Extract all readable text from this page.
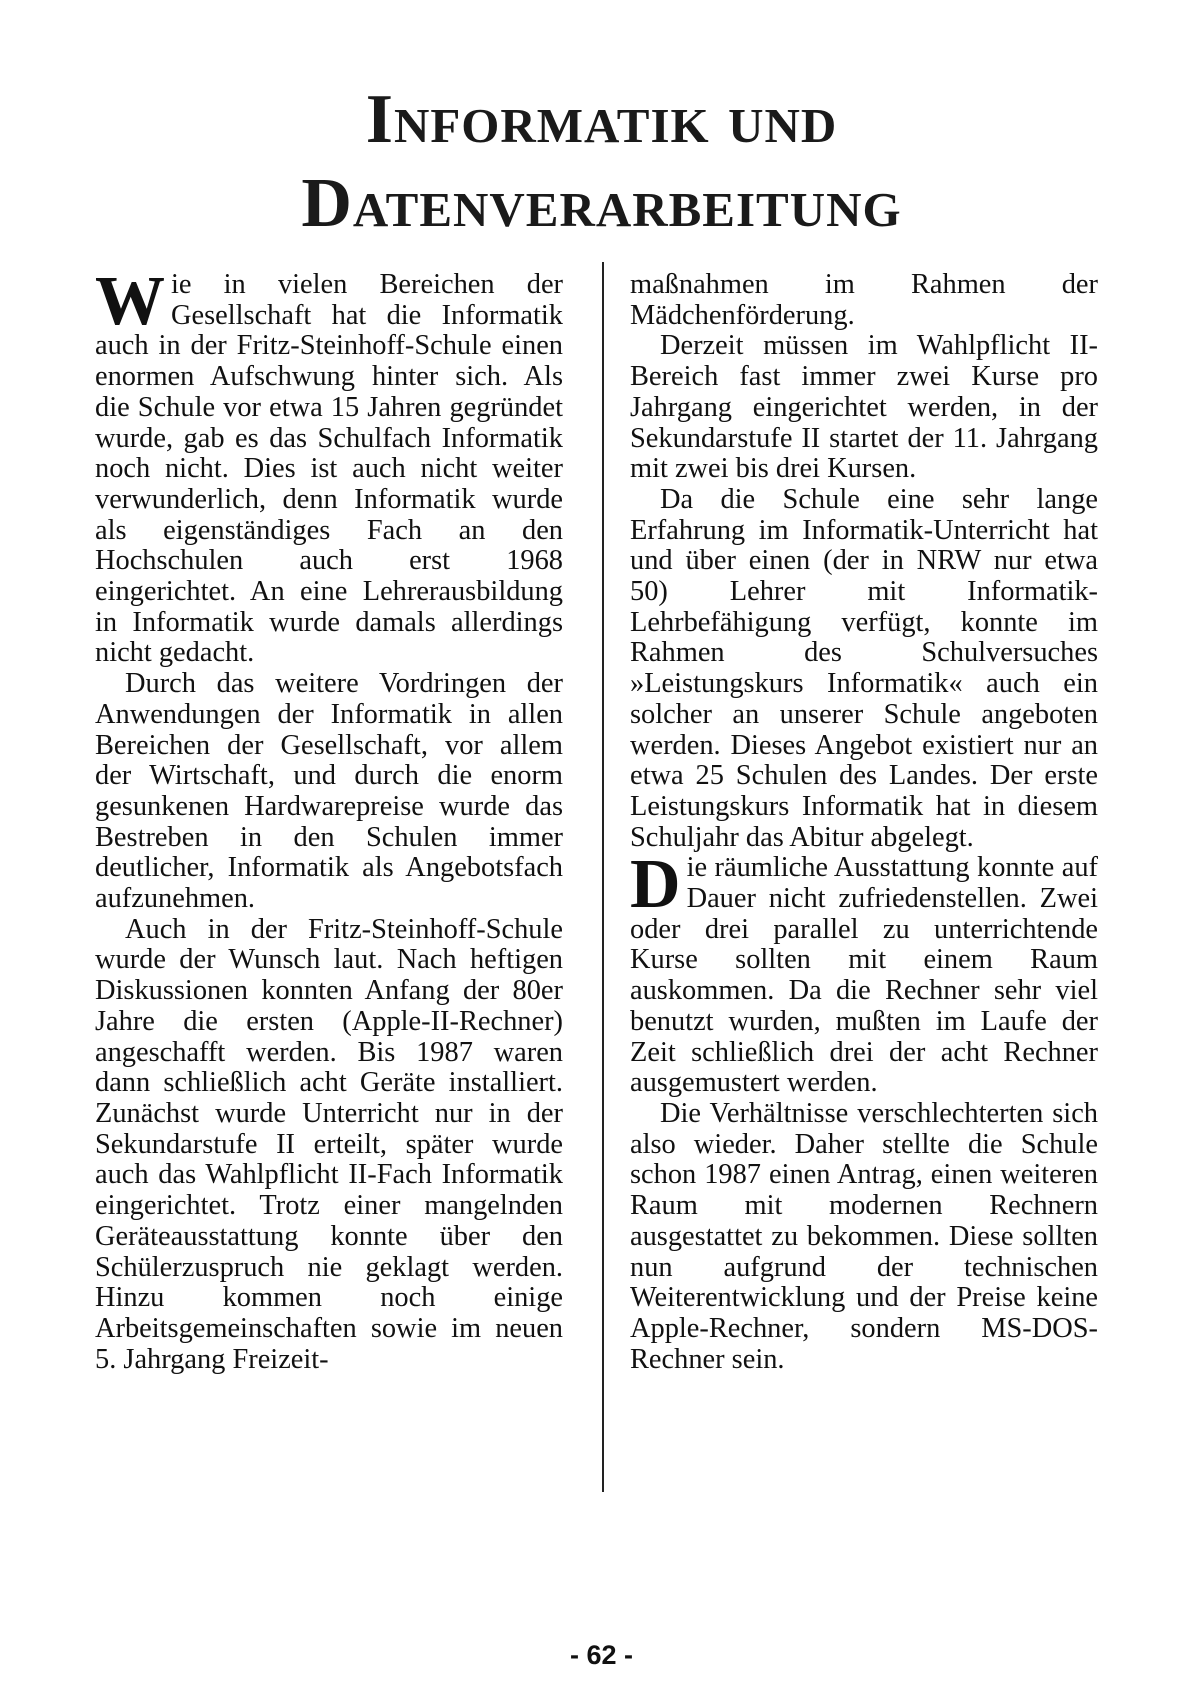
Informatik und
Datenverarbeitung

Wie in vielen Bereichen der Gesellschaft hat die Informatik auch in der Fritz-Steinhoff-Schule einen enormen Aufschwung hinter sich. Als die Schule vor etwa 15 Jahren gegründet wurde, gab es das Schulfach Informatik noch nicht. Dies ist auch nicht weiter verwunderlich, denn Informatik wurde als eigenständiges Fach an den Hochschulen auch erst 1968 eingerichtet. An eine Lehrerausbildung in Informatik wurde damals allerdings nicht gedacht.

Durch das weitere Vordringen der Anwendungen der Informatik in allen Bereichen der Gesellschaft, vor allem der Wirtschaft, und durch die enorm gesunkenen Hardwarepreise wurde das Bestreben in den Schulen immer deutlicher, Informatik als Angebotsfach aufzunehmen.

Auch in der Fritz-Steinhoff-Schule wurde der Wunsch laut. Nach heftigen Diskussionen konnten Anfang der 80er Jahre die ersten (Apple-II-Rechner) angeschafft werden. Bis 1987 waren dann schließlich acht Geräte installiert. Zunächst wurde Unterricht nur in der Sekundarstufe II erteilt, später wurde auch das Wahlpflicht II-Fach Informatik eingerichtet. Trotz einer mangelnden Geräteausstattung konnte über den Schülerzuspruch nie geklagt werden. Hinzu kommen noch einige Arbeitsgemeinschaften sowie im neuen 5. Jahrgang Freizeit-

maßnahmen im Rahmen der Mädchenförderung.

Derzeit müssen im Wahlpflicht II-Bereich fast immer zwei Kurse pro Jahrgang eingerichtet werden, in der Sekundarstufe II startet der 11. Jahrgang mit zwei bis drei Kursen.

Da die Schule eine sehr lange Erfahrung im Informatik-Unterricht hat und über einen (der in NRW nur etwa 50) Lehrer mit Informatik-Lehrbefähigung verfügt, konnte im Rahmen des Schulversuches »Leistungskurs Informatik« auch ein solcher an unserer Schule angeboten werden. Dieses Angebot existiert nur an etwa 25 Schulen des Landes. Der erste Leistungskurs Informatik hat in diesem Schuljahr das Abitur abgelegt.

Die räumliche Ausstattung konnte auf Dauer nicht zufriedenstellen. Zwei oder drei parallel zu unterrichtende Kurse sollten mit einem Raum auskommen. Da die Rechner sehr viel benutzt wurden, mußten im Laufe der Zeit schließlich drei der acht Rechner ausgemustert werden.

Die Verhältnisse verschlechterten sich also wieder. Daher stellte die Schule schon 1987 einen Antrag, einen weiteren Raum mit modernen Rechnern ausgestattet zu bekommen. Diese sollten nun aufgrund der technischen Weiterentwicklung und der Preise keine Apple-Rechner, sondern MS-DOS-Rechner sein.

- 62 -
